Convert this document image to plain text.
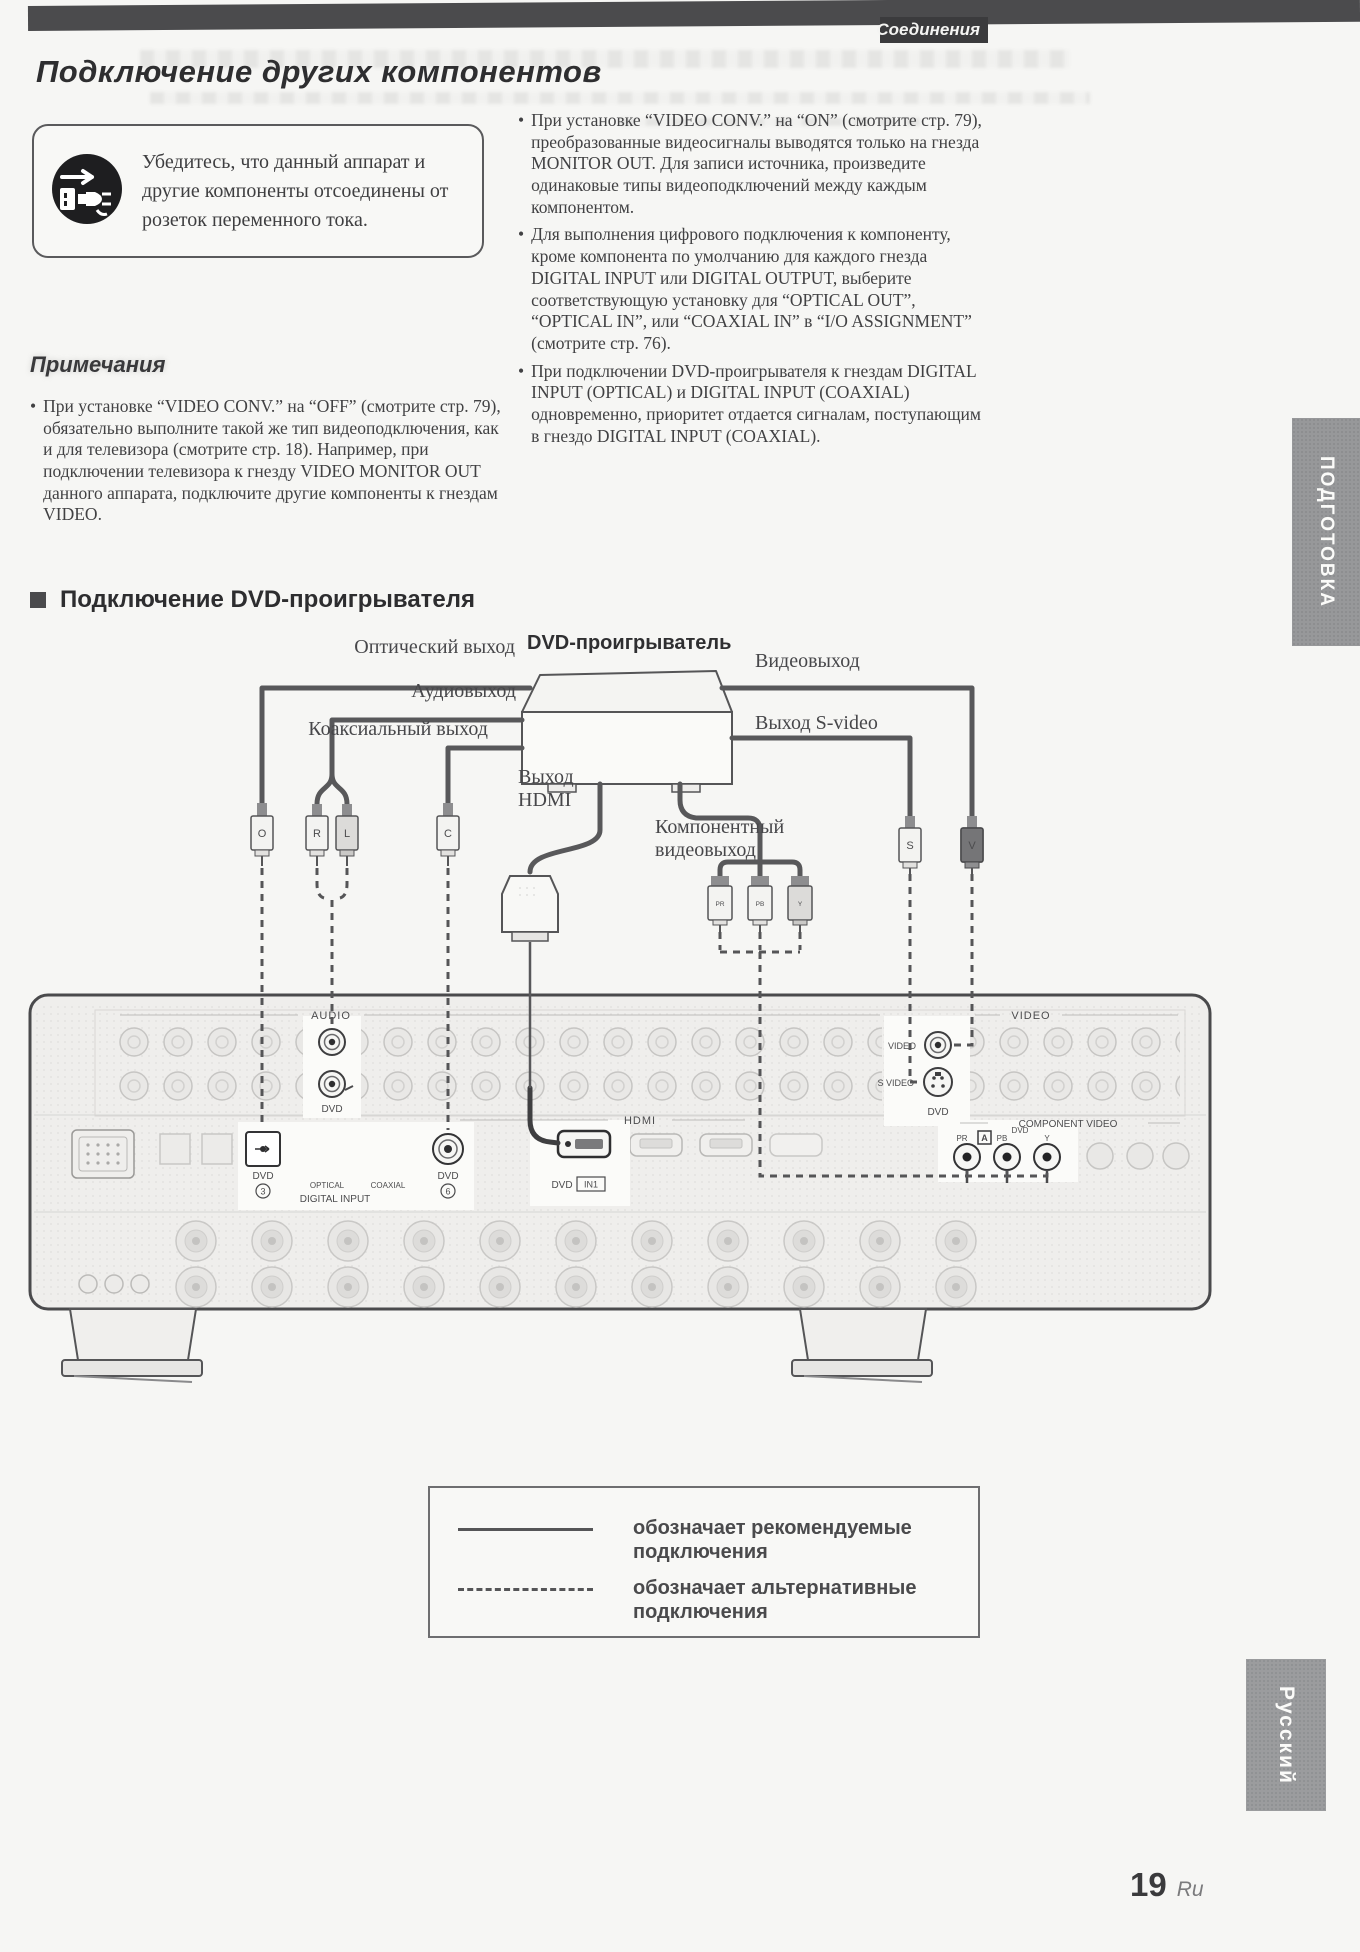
Соединения
Подключение других компонентов
Убедитесь, что данный аппарат и другие компоненты отсоединены от розеток переменного тока.
Примечания
• При установке “VIDEO CONV.” на “OFF” (смотрите стр. 79), обязательно выполните такой же тип видеоподключения, как и для телевизора (смотрите стр. 18). Например, при подключении телевизора к гнезду VIDEO MONITOR OUT данного аппарата, подключите другие компоненты к гнездам VIDEO.
• При установке “VIDEO CONV.” на “ON” (смотрите стр. 79), преобразованные видеосигналы выводятся только на гнезда MONITOR OUT. Для записи источника, произведите одинаковые типы видеоподключений между каждым компонентом.
• Для выполнения цифрового подключения к компоненту, кроме компонента по умолчанию для каждого гнезда DIGITAL INPUT или DIGITAL OUTPUT, выберите соответствующую установку для “OPTICAL OUT”, “OPTICAL IN”, или “COAXIAL IN” в “I/O ASSIGNMENT” (смотрите стр. 76).
• При подключении DVD-проигрывателя к гнездам DIGITAL INPUT (OPTICAL) и DIGITAL INPUT (COAXIAL) одновременно, приоритет отдается сигналам, поступающим в гнездо DIGITAL INPUT (COAXIAL).
ПОДГОТОВКА
Подключение DVD-проигрывателя
AUDIO
DVD
VIDEO
VIDEO
S VIDEO
DVD
DVD
3
DVD
6
OPTICAL	COAXIAL
DIGITAL INPUT
HDMI
DVD IN1
COMPONENT VIDEO
PR A
DVD
PB	Y
O	R L	C
S	V
PR	PB	Y
Оптический выход DVD-проигрыватель
Видеовыход
Аудиовыход
Коаксиальный выход	Выход S-video
Выход
HDMI
Компонентный
видеовыход
обозначает рекомендуемые подключения
обозначает альтернативные подключения
Русский
19 Ru
